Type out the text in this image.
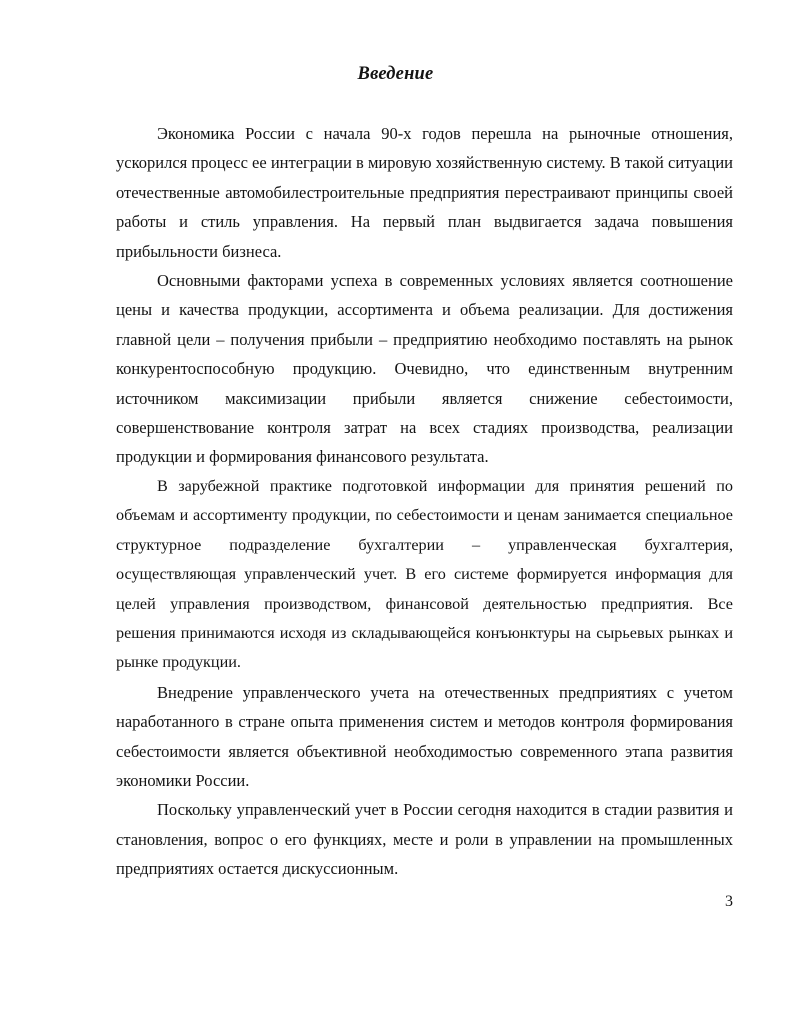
Введение

Экономика России с начала 90-х годов перешла на рыночные отношения, ускорился процесс ее интеграции в мировую хозяйственную систему. В такой ситуации отечественные автомобилестроительные предприятия перестраивают принципы своей работы и стиль управления. На первый план выдвигается задача повышения прибыльности бизнеса.

Основными факторами успеха в современных условиях является соотношение цены и качества продукции, ассортимента и объема реализации. Для достижения главной цели – получения прибыли – предприятию необходимо поставлять на рынок конкурентоспособную продукцию. Очевидно, что единственным внутренним источником максимизации прибыли является снижение себестоимости, совершенствование контроля затрат на всех стадиях производства, реализации продукции и формирования финансового результата.

В зарубежной практике подготовкой информации для принятия решений по объемам и ассортименту продукции, по себестоимости и ценам занимается специальное структурное подразделение бухгалтерии – управленческая бухгалтерия, осуществляющая управленческий учет. В его системе формируется информация для целей управления производством, финансовой деятельностью предприятия. Все решения принимаются исходя из складывающейся конъюнктуры на сырьевых рынках и рынке продукции.

Внедрение управленческого учета на отечественных предприятиях с учетом наработанного в стране опыта применения систем и методов контроля формирования себестоимости является объективной необходимостью современного этапа развития экономики России.

Поскольку управленческий учет в России сегодня находится в стадии развития и становления, вопрос о его функциях, месте и роли в управлении на промышленных предприятиях остается дискуссионным.

3
